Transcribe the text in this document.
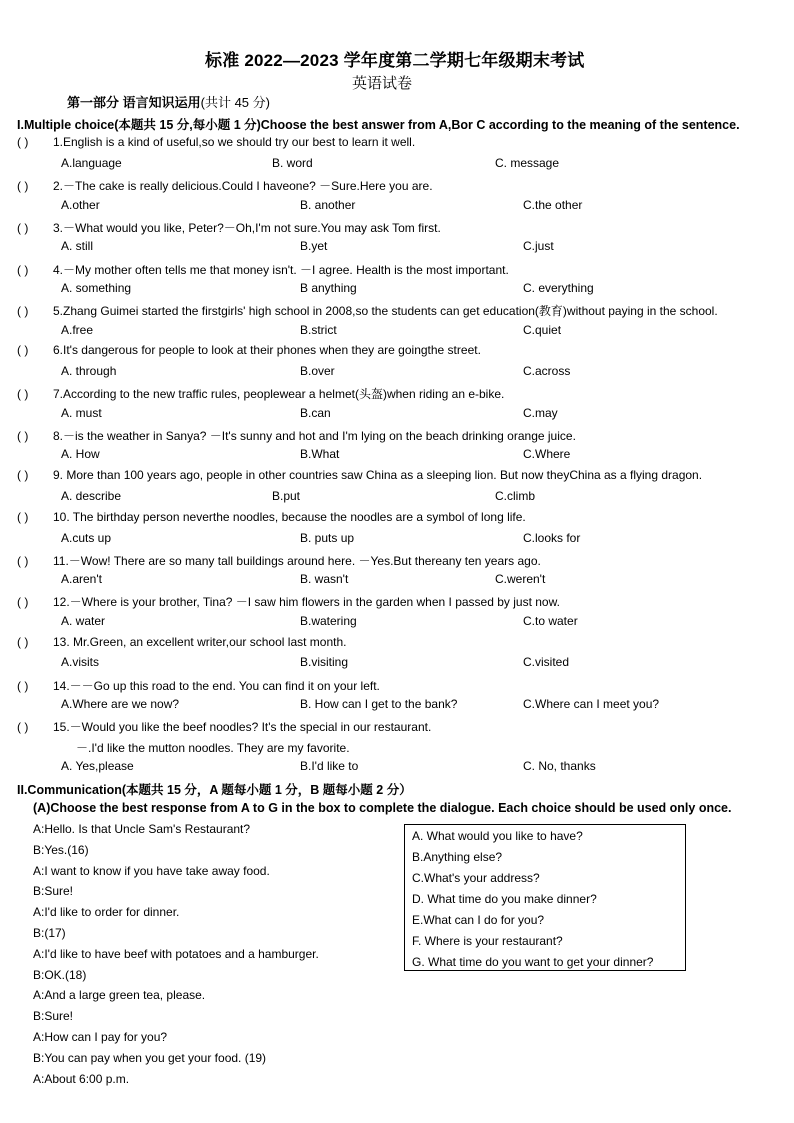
标准 2022—2023 学年度第二学期七年级期末考试
英语试卷
第一部分 语言知识运用(共计 45 分)
I.Multiple choice(本题共 15 分,每小题 1 分)Choose the best answer from A,Bor C according to the meaning of the sentence.
( ) 1.English is a kind of useful,so we should try our best to learn it well.
A.language	B. word	C. message
( ) 2.－The cake is really delicious.Could I haveone? －Sure.Here you are.
A.other	B. another	C.the other
( ) 3.－What would you like, Peter?－Oh,I'm not sure.You may ask Tom first.
A. still	B.yet	C.just
( ) 4.－My mother often tells me that money isn't. －I agree. Health is the most important.
A. something	B anything	C. everything
( ) 5.Zhang Guimei started the firstgirls' high school in 2008,so the students can get education(教育)without paying in the school.
A.free	B.strict	C.quiet
( ) 6.It's dangerous for people to look at their phones when they are goingthe street.
A. through	B.over	C.across
( ) 7.According to the new traffic rules, peoplewear a helmet(头盔)when riding an e-bike.
A. must	B.can	C.may
( ) 8.－is the weather in Sanya? －It's sunny and hot and I'm lying on the beach drinking orange juice.
A. How	B.What	C.Where
( ) 9. More than 100 years ago, people in other countries saw China as a sleeping lion. But now theyChina as a flying dragon.
A. describe	B.put	C.climb
( ) 10. The birthday person neverthe noodles, because the noodles are a symbol of long life.
A.cuts up	B. puts up	C.looks for
( ) 11.－Wow! There are so many tall buildings around here. －Yes.But thereany ten years ago.
A.aren't	B. wasn't	C.weren't
( ) 12.－Where is your brother, Tina? －I saw him flowers in the garden when I passed by just now.
A. water	B.watering	C.to water
( ) 13. Mr.Green, an excellent writer,our school last month.
A.visits	B.visiting	C.visited
( ) 14.－－Go up this road to the end. You can find it on your left.
A.Where are we now?	B. How can I get to the bank?	C.Where can I meet you?
( ) 15.－Would you like the beef noodles? It's the special in our restaurant.
－.I'd like the mutton noodles. They are my favorite.
A. Yes,please	B.I'd like to	C. No, thanks
II.Communication(本题共 15 分，A 题每小题 1 分，B 题每小题 2 分）
(A)Choose the best response from A to G in the box to complete the dialogue. Each choice should be used only once.
A:Hello. Is that Uncle Sam's Restaurant?
B:Yes.(16)
A:I want to know if you have take away food.
B:Sure!
A:I'd like to order for dinner.
B:(17)
A:I'd like to have beef with potatoes and a hamburger.
B:OK.(18)
A:And a large green tea, please.
B:Sure!
A:How can I pay for you?
B:You can pay when you get your food. (19)
A:About 6:00 p.m.
A. What would you like to have?
B.Anything else?
C.What's your address?
D. What time do you make dinner?
E.What can I do for you?
F. Where is your restaurant?
G. What time do you want to get your dinner?
